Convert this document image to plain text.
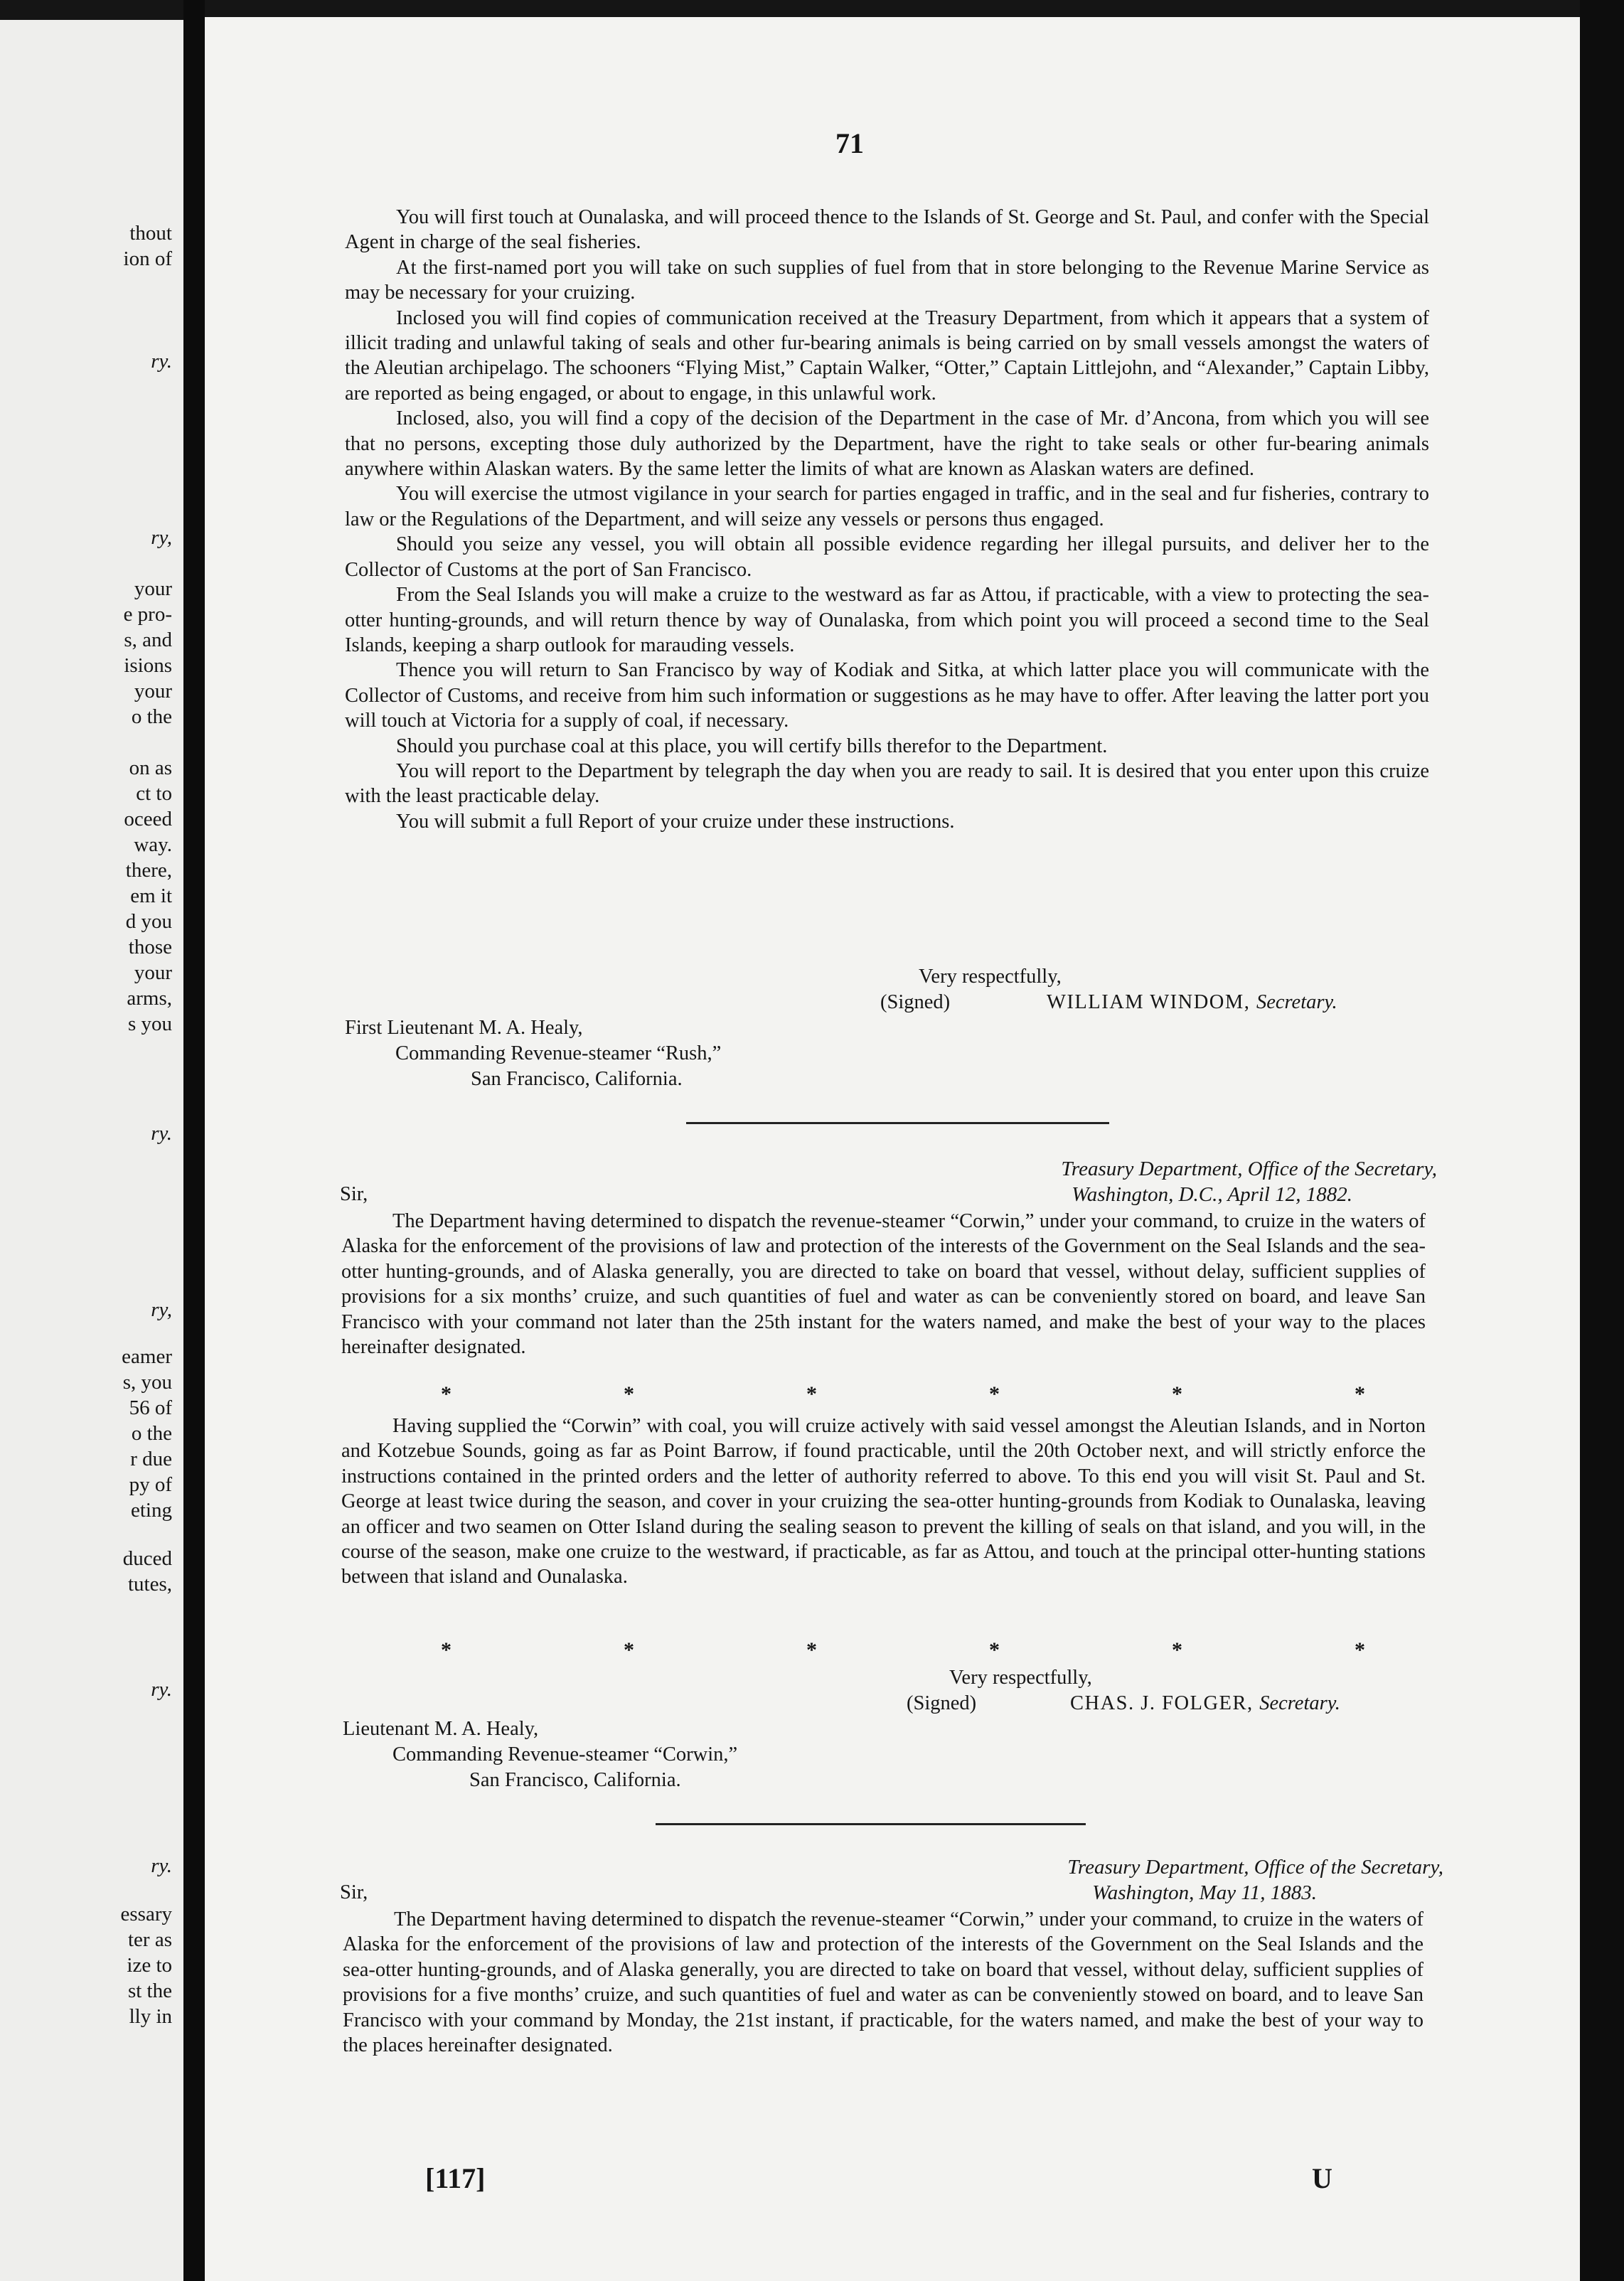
thout
ion of
ry.
ry,
your
e pro-
s, and
isions
your
o the
on as
ct to
oceed
way.
there,
em it
d you
those
your
arms,
s you
ry.
ry,
eamer
s, you
56 of
o the
r due
py of
eting
duced
tutes,
ry.
ry.
essary
ter as
ize to
st the
lly in
71

You will first touch at Ounalaska, and will proceed thence to the Islands of St. George and St. Paul, and confer with the Special Agent in charge of the seal fisheries.

At the first-named port you will take on such supplies of fuel from that in store belonging to the Revenue Marine Service as may be necessary for your cruizing.

Inclosed you will find copies of communication received at the Treasury Department, from which it appears that a system of illicit trading and unlawful taking of seals and other fur-bearing animals is being carried on by small vessels amongst the waters of the Aleutian archipelago. The schooners “Flying Mist,” Captain Walker, “Otter,” Captain Littlejohn, and “Alexander,” Captain Libby, are reported as being engaged, or about to engage, in this unlawful work.

Inclosed, also, you will find a copy of the decision of the Department in the case of Mr. d’Ancona, from which you will see that no persons, excepting those duly authorized by the Department, have the right to take seals or other fur-bearing animals anywhere within Alaskan waters. By the same letter the limits of what are known as Alaskan waters are defined.

You will exercise the utmost vigilance in your search for parties engaged in traffic, and in the seal and fur fisheries, contrary to law or the Regulations of the Department, and will seize any vessels or persons thus engaged.

Should you seize any vessel, you will obtain all possible evidence regarding her illegal pursuits, and deliver her to the Collector of Customs at the port of San Francisco.

From the Seal Islands you will make a cruize to the westward as far as Attou, if practicable, with a view to protecting the sea-otter hunting-grounds, and will return thence by way of Ounalaska, from which point you will proceed a second time to the Seal Islands, keeping a sharp outlook for marauding vessels.

Thence you will return to San Francisco by way of Kodiak and Sitka, at which latter place you will communicate with the Collector of Customs, and receive from him such information or suggestions as he may have to offer. After leaving the latter port you will touch at Victoria for a supply of coal, if necessary.

Should you purchase coal at this place, you will certify bills therefor to the Department.

You will report to the Department by telegraph the day when you are ready to sail. It is desired that you enter upon this cruize with the least practicable delay.

You will submit a full Report of your cruize under these instructions.

Very respectfully,
(Signed)	WILLIAM WINDOM, Secretary.
First Lieutenant M. A. Healy,
Commanding Revenue-steamer “Rush,”
San Francisco, California.
Treasury Department, Office of the Secretary,
Sir,	Washington, D.C., April 12, 1882.

The Department having determined to dispatch the revenue-steamer “Corwin,” under your command, to cruize in the waters of Alaska for the enforcement of the provisions of law and protection of the interests of the Government on the Seal Islands and the sea-otter hunting-grounds, and of Alaska generally, you are directed to take on board that vessel, without delay, sufficient supplies of provisions for a six months’ cruize, and such quantities of fuel and water as can be conveniently stored on board, and leave San Francisco with your command not later than the 25th instant for the waters named, and make the best of your way to the places hereinafter designated.

*	*	*	*	*	*

Having supplied the “Corwin” with coal, you will cruize actively with said vessel amongst the Aleutian Islands, and in Norton and Kotzebue Sounds, going as far as Point Barrow, if found practicable, until the 20th October next, and will strictly enforce the instructions contained in the printed orders and the letter of authority referred to above. To this end you will visit St. Paul and St. George at least twice during the season, and cover in your cruizing the sea-otter hunting-grounds from Kodiak to Ounalaska, leaving an officer and two seamen on Otter Island during the sealing season to prevent the killing of seals on that island, and you will, in the course of the season, make one cruize to the westward, if practicable, as far as Attou, and touch at the principal otter-hunting stations between that island and Ounalaska.

*	*	*	*	*	*
Very respectfully,
(Signed)	CHAS. J. FOLGER, Secretary.
Lieutenant M. A. Healy,
Commanding Revenue-steamer “Corwin,”
San Francisco, California.
Treasury Department, Office of the Secretary,
Sir,	Washington, May 11, 1883.

The Department having determined to dispatch the revenue-steamer “Corwin,” under your command, to cruize in the waters of Alaska for the enforcement of the provisions of law and protection of the interests of the Government on the Seal Islands and the sea-otter hunting-grounds, and of Alaska generally, you are directed to take on board that vessel, without delay, sufficient supplies of provisions for a five months’ cruize, and such quantities of fuel and water as can be conveniently stowed on board, and to leave San Francisco with your command by Monday, the 21st instant, if practicable, for the waters named, and make the best of your way to the places hereinafter designated.

[117]	U
